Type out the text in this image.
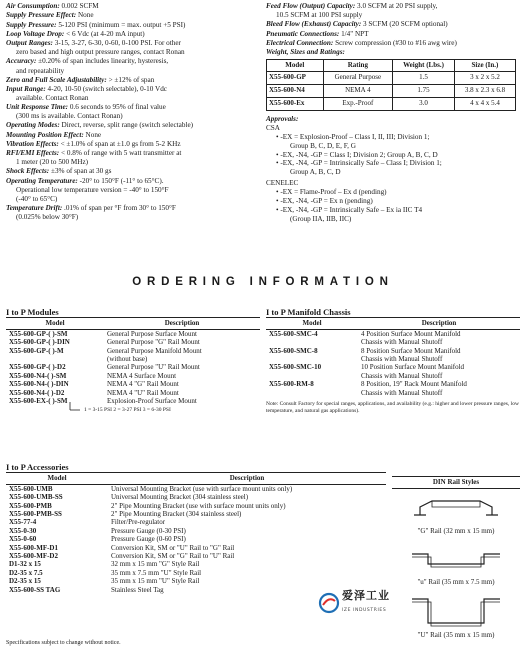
Air Consumption: 0.002 SCFM
Supply Pressure Effect: None
Supply Pressure: 5-120 PSI (minimum = max. output +5 PSI)
Loop Voltage Drop: < 6 Vdc (at 4-20 mA input)
Output Ranges: 3-15, 3-27, 6-30, 0-60, 0-100 PSI. For other
zero based and high output pressure ranges, contact Ronan
Accuracy: ±0.20% of span includes linearity, hysteresis,
and repeatability
Zero and Full Scale Adjustability: > ±12% of span
Input Range: 4-20, 10-50 (switch selectable), 0-10 Vdc
available. Contact Ronan
Unit Response Time: 0.6 seconds to 95% of final value
(300 ms is available. Contact Ronan)
Operating Modes: Direct, reverse, split range (switch selectable)
Mounting Position Effect: None
Vibration Effects: < ±1.0% of span at ±1.0 gs from 5-2 KHz
RFI/EMI Effects: < 0.8% of range with 5 watt transmitter at
1 meter (20 to 500 MHz)
Shock Effects: ±3% of span at 30 gs
Operating Temperature: -20° to 150°F (-11° to 65°C).
Operational low temperature version = -40° to 150°F
(-40° to 65°C)
Temperature Drift: .01% of span per °F from 30° to 150°F
(0.025% below 30°F)
Feed Flow (Output) Capacity: 3.0 SCFM at 20 PSI supply,
10.5 SCFM at 100 PSI supply
Bleed Flow (Exhaust) Capacity: 3 SCFM (20 SCFM optional)
Pneumatic Connections: 1/4" NPT
Electrical Connection: Screw compression (#30 to #16 awg wire)
Weight, Sizes and Ratings:
Model	Rating	Weight (Lbs.)	Size (In.)
X55-600-GP	General Purpose	1.5	3 x 2 x 5.2
X55-600-N4	NEMA 4	1.75	3.8 x 2.3 x 6.8
X55-600-Ex	Exp.-Proof	3.0	4 x 4 x 5.4
Approvals:
CSA
• -EX = Explosion-Proof – Class I, II, III; Division 1;
Group B, C, D, E, F, G
• -EX, -N4, -GP = Class I; Division 2; Group A, B, C, D
• -EX, -N4, -GP = Intrinsically Safe – Class I; Division 1;
Group A, B, C, D
CENELEC
• -EX = Flame-Proof – Ex d (pending)
• -EX, -N4, -GP = Ex n (pending)
• -EX, -N4, -GP = Intrinsically Safe – Ex ia IIC T4
(Group IIA, IIB, IIC)
ORDERING INFORMATION
I to P Modules
Model	Description
X55-600-GP-( )-SM	General Purpose Surface Mount
X55-600-GP-( )-DIN	General Purpose "G" Rail Mount
X55-600-GP-( )-M	General Purpose Manifold Mount
(without base)
X55-600-GP-( )-D2	General Purpose "U" Rail Mount
X55-600-N4-( )-SM	NEMA 4 Surface Mount
X55-600-N4-( )-DIN	NEMA 4 "G" Rail Mount
X55-600-N4-( )-D2	NEMA 4 "U" Rail Mount
X55-600-EX-( )-SM	Explosion-Proof Surface Mount
1 = 3-15 PSI 2 = 3-27 PSI 3 = 6-30 PSI
I to P Manifold Chassis
Model	Description
X55-600-SMC-4	4 Position Surface Mount Manifold
Chassis with Manual Shutoff
X55-600-SMC-8	8 Position Surface Mount Manifold
Chassis with Manual Shutoff
X55-600-SMC-10	10 Position Surface Mount Manifold
Chassis with Manual Shutoff
X55-600-RM-8	8 Position, 19" Rack Mount Manifold
Chassis with Manual Shutoff
Note: Consult Factory for special ranges, applications, and availability (e.g.: higher and lower pressure ranges, low temperature, and natural gas applications).
I to P Accessories
Model	Description
X55-600-UMB	Universal Mounting Bracket (use with surface mount units only)
X55-600-UMB-SS	Universal Mounting Bracket (304 stainless steel)
X55-600-PMB	2" Pipe Mounting Bracket (use with surface mount units only)
X55-600-PMB-SS	2" Pipe Mounting Bracket (304 stainless steel)
X55-77-4	Filter/Pre-regulator
X55-0-30	Pressure Gauge (0-30 PSI)
X55-0-60	Pressure Gauge (0-60 PSI)
X55-600-MF-D1	Conversion Kit, SM or "U" Rail to "G" Rail
X55-600-MF-D2	Conversion Kit, SM or "G" Rail to "U" Rail
D1-32 x 15	32 mm x 15 mm "G" Style Rail
D2-35 x 7.5	35 mm x 7.5 mm "U" Style Rail
D2-35 x 15	35 mm x 15 mm "U" Style Rail
X55-600-SS TAG	Stainless Steel Tag
DIN Rail Styles
"G" Rail (32 mm x 15 mm)
"u" Rail (35 mm x 7.5 mm)
"U" Rail (35 mm x 15 mm)
爱泽工业
IZE INDUSTRIES
Specifications subject to change without notice.
